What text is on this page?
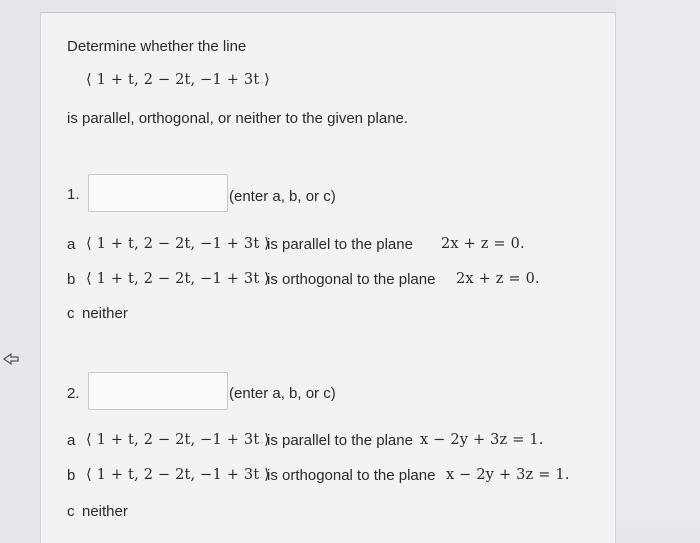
Determine whether the line
⟨ 1 + t, 2 − 2t, −1 + 3t ⟩
is parallel, orthogonal, or neither to the given plane.
1.	(enter a, b, or c)
a ⟨ 1 + t, 2 − 2t, −1 + 3t ⟩
is parallel to the plane 2x + z = 0.
b ⟨ 1 + t, 2 − 2t, −1 + 3t ⟩
is orthogonal to the plane 2x + z = 0.
c neither
2.	(enter a, b, or c)
a ⟨ 1 + t, 2 − 2t, −1 + 3t ⟩
is parallel to the plane x − 2y + 3z = 1.
b ⟨ 1 + t, 2 − 2t, −1 + 3t ⟩
is orthogonal to the plane x − 2y + 3z = 1.
c neither
